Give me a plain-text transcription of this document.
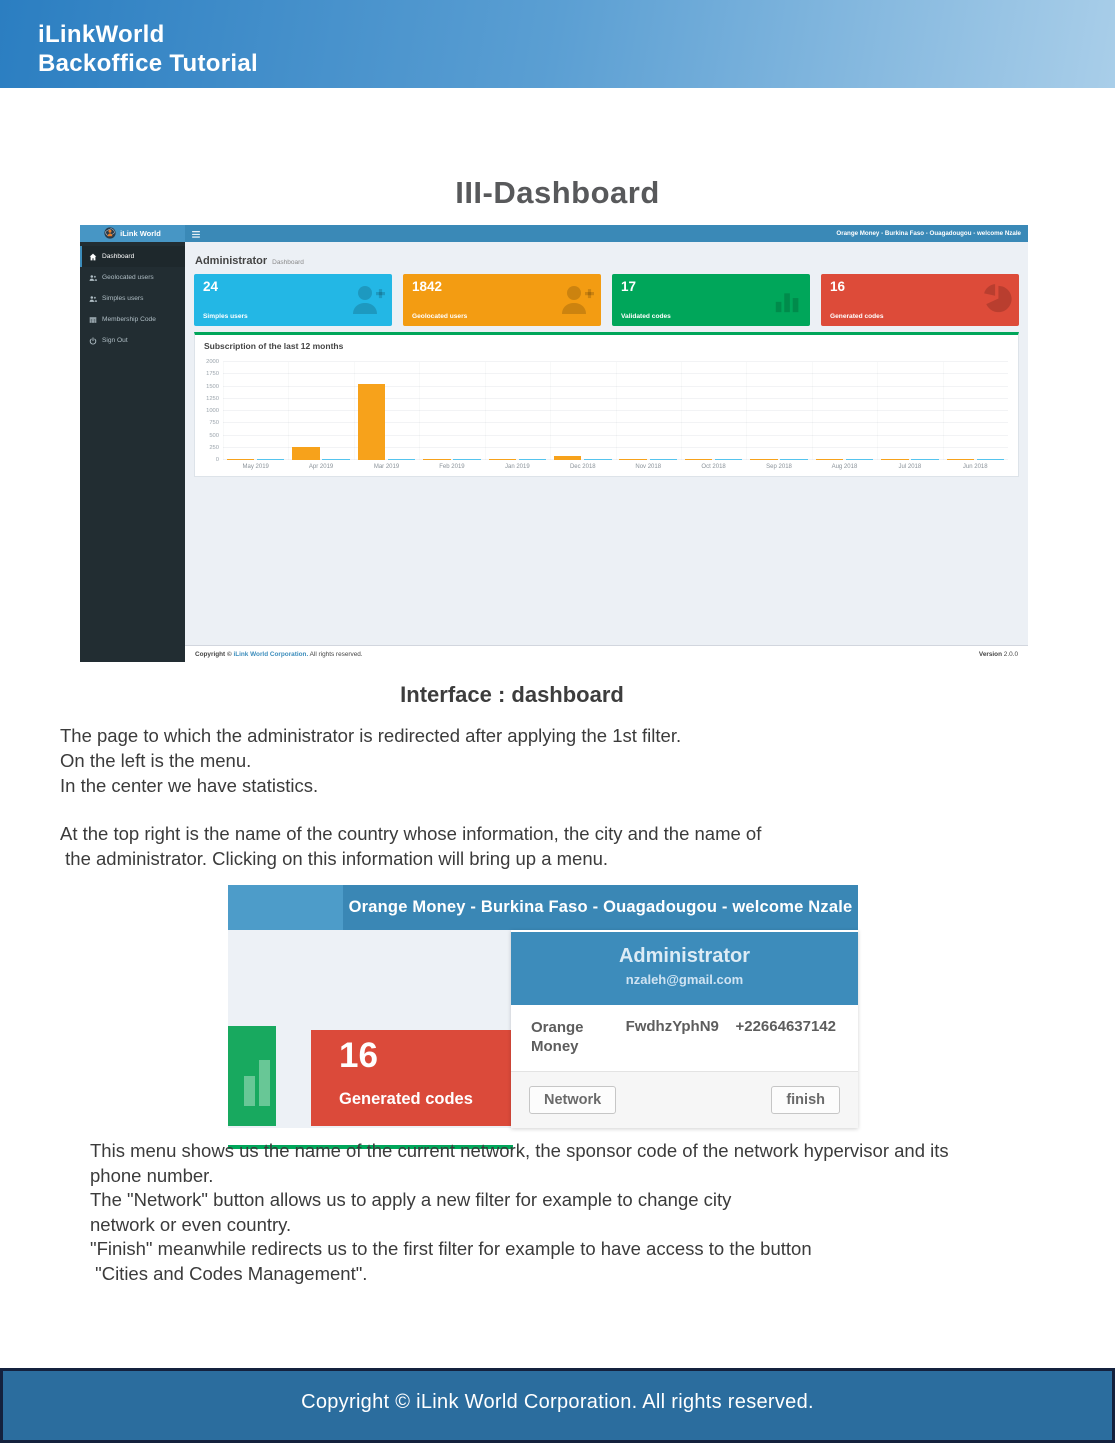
iLinkWorld
Backoffice Tutorial
III-Dashboard
iLink World	Orange Money - Burkina Faso - Ouagadougou - welcome Nzale
Dashboard
Geolocated users
Simples users
Membership Code
Sign Out
Administrator Dashboard
24
Simples users
1842
Geolocated users
17
Validated codes
16
Generated codes
Subscription of the last 12 months
0
250
500
750
1000
1250
1500
1750
2000
May 2019	Apr 2019	Mar 2019	Feb 2019	Jan 2019	Dec 2018	Nov 2018	Oct 2018	Sep 2018	Aug 2018	Jul 2018	Jun 2018
Copyright © iLink World Corporation. All rights reserved.	Version 2.0.0
Interface : dashboard
The page to which the administrator is redirected after applying the 1st filter.
On the left is the menu.
In the center we have statistics.
At the top right is the name of the country whose information, the city and the name of
the administrator. Clicking on this information will bring up a menu.
Orange Money - Burkina Faso - Ouagadougou - welcome Nzale
16
Generated codes
Administrator
nzaleh@gmail.com
Orange Money
FwdhzYphN9 +22664637142
Network	finish
This menu shows us the name of the current network, the sponsor code of the network hypervisor and its
phone number.
The "Network" button allows us to apply a new filter for example to change city
network or even country.
"Finish" meanwhile redirects us to the first filter for example to have access to the button
"Cities and Codes Management".
Copyright © iLink World Corporation. All rights reserved.
